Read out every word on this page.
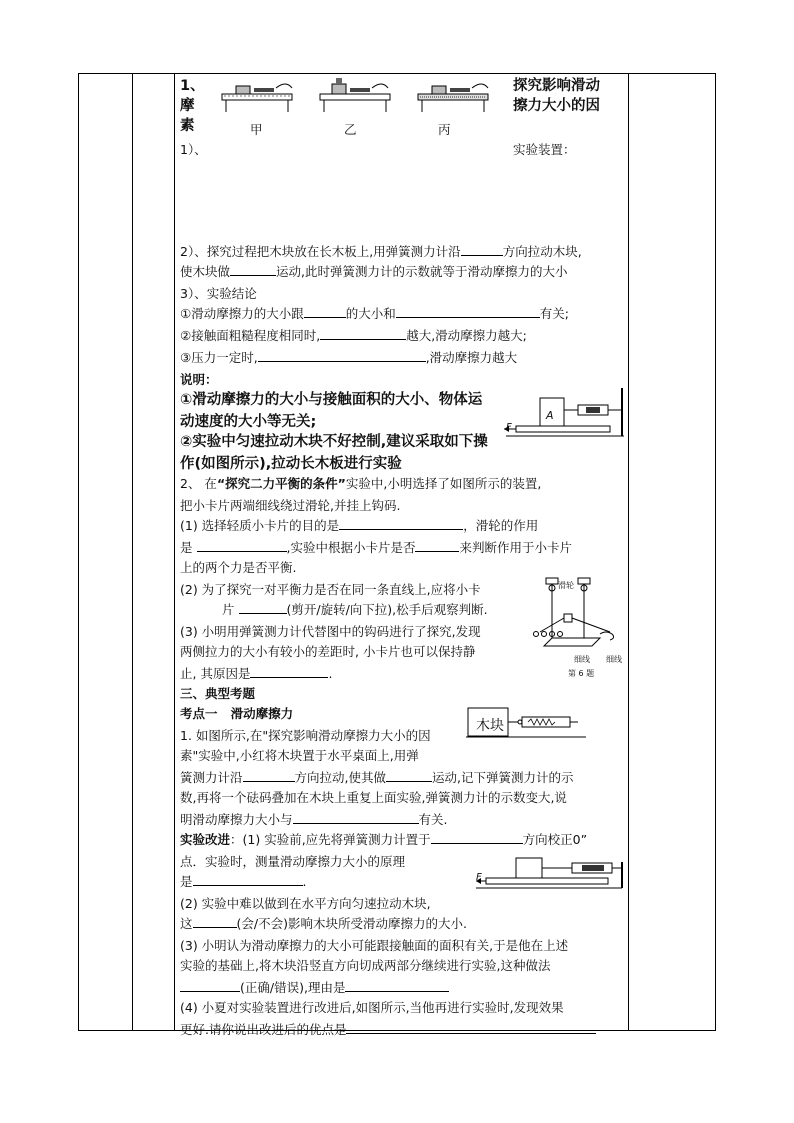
1、
摩
素	甲	乙	丙
探究影响滑动
擦力大小的因
1）、	实验装置：
2）、探究过程把木块放在长木板上,用弹簧测力计沿	方向拉动木块,
使木块做	运动,此时弹簧测力计的示数就等于滑动摩擦力的大小
3）、实验结论
①滑动摩擦力的大小跟	的大小和	有关;
②接触面粗糙程度相同时,	越大,滑动摩擦力越大;
③压力一定时,	,滑动摩擦力越大
说明：
①滑动摩擦力的大小与接触面积的大小、物体运
动速度的大小等无关;
②实验中匀速拉动木块不好控制,建议采取如下操
作(如图所示),拉动长木板进行实验
A
F
2、 在“探究二力平衡的条件”实验中,小明选择了如图所示的装置,
把小卡片两端细线绕过滑轮,并挂上钩码.
(1) 选择轻质小卡片的目的是	，滑轮的作用
是	,实验中根据小卡片是否	来判断作用于小卡片
上的两个力是否平衡.
(2) 为了探究一对平衡力是否在同一条直线上,应将小卡
片	(剪开/旋转/向下拉),松手后观察判断.
(3) 小明用弹簧测力计代替图中的钩码进行了探究,发现
两侧拉力的大小有较小的差距时, 小卡片也可以保持静
止, 其原因是	.
滑轮
细线 细线
第 6 题
三、典型考题
考点一 滑动摩擦力
木块
1. 如图所示,在"探究影响滑动摩擦力大小的因
素"实验中,小红将木块置于水平桌面上,用弹
簧测力计沿	方向拉动,使其做	运动,记下弹簧测力计的示
数,再将一个砝码叠加在木块上重复上面实验,弹簧测力计的示数变大,说
明滑动摩擦力大小与	有关.
实验改进：(1) 实验前,应先将弹簧测力计置于	方向校正0”
点．实验时，测量滑动摩擦力大小的原理
是	.	F
(2) 实验中难以做到在水平方向匀速拉动木块,
这	(会/不会)影响木块所受滑动摩擦力的大小.
(3) 小明认为滑动摩擦力的大小可能跟接触面的面积有关,于是他在上述
实验的基础上,将木块沿竖直方向切成两部分继续进行实验,这种做法
(正确/错误),理由是
(4) 小夏对实验装置进行改进后,如图所示,当他再进行实验时,发现效果
更好.请你说出改进后的优点是
